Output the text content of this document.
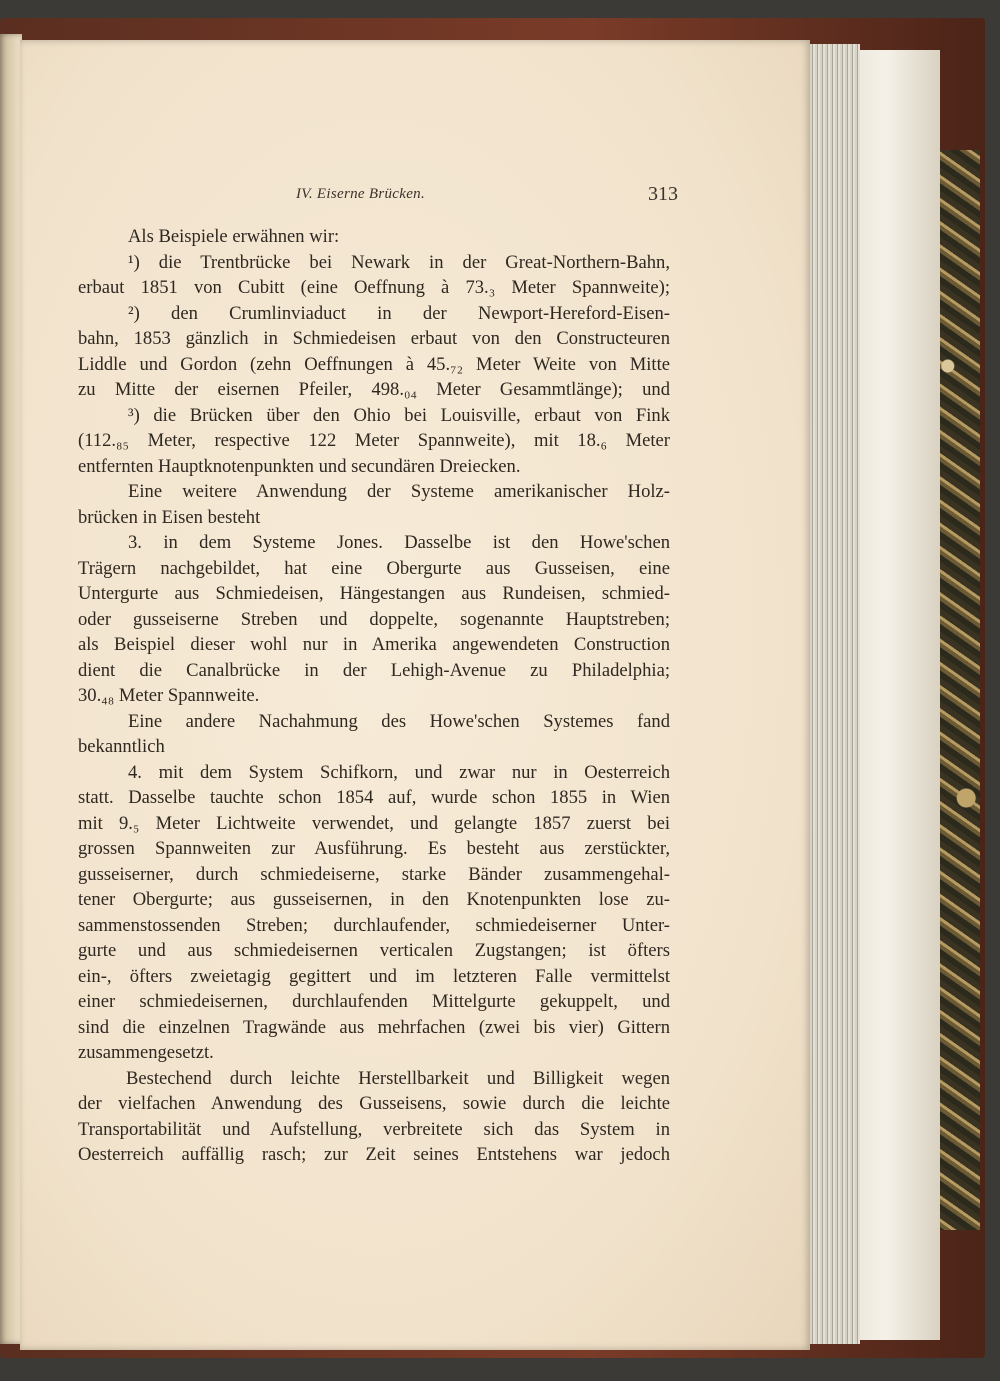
IV. Eiserne Brücken.	313
Als Beispiele erwähnen wir:
¹) die Trentbrücke bei Newark in der Great-Northern-Bahn,
erbaut 1851 von Cubitt (eine Oeffnung à 73.₃ Meter Spannweite);
²) den Crumlinviaduct in der Newport-Hereford-Eisen-
bahn, 1853 gänzlich in Schmiedeisen erbaut von den Constructeuren
Liddle und Gordon (zehn Oeffnungen à 45.₇₂ Meter Weite von Mitte
zu Mitte der eisernen Pfeiler, 498.₀₄ Meter Gesammtlänge); und
³) die Brücken über den Ohio bei Louisville, erbaut von Fink
(112.₈₅ Meter, respective 122 Meter Spannweite), mit 18.₆ Meter
entfernten Hauptknotenpunkten und secundären Dreiecken.
Eine weitere Anwendung der Systeme amerikanischer Holz-
brücken in Eisen besteht
3. in dem Systeme Jones. Dasselbe ist den Howe'schen
Trägern nachgebildet, hat eine Obergurte aus Gusseisen, eine
Untergurte aus Schmiedeisen, Hängestangen aus Rundeisen, schmied-
oder gusseiserne Streben und doppelte, sogenannte Hauptstreben;
als Beispiel dieser wohl nur in Amerika angewendeten Construction
dient die Canalbrücke in der Lehigh-Avenue zu Philadelphia;
30.₄₈ Meter Spannweite.
Eine andere Nachahmung des Howe'schen Systemes fand
bekanntlich
4. mit dem System Schifkorn, und zwar nur in Oesterreich
statt. Dasselbe tauchte schon 1854 auf, wurde schon 1855 in Wien
mit 9.₅ Meter Lichtweite verwendet, und gelangte 1857 zuerst bei
grossen Spannweiten zur Ausführung. Es besteht aus zerstückter,
gusseiserner, durch schmiedeiserne, starke Bänder zusammengehal-
tener Obergurte; aus gusseisernen, in den Knotenpunkten lose zu-
sammenstossenden Streben; durchlaufender, schmiedeiserner Unter-
gurte und aus schmiedeisernen verticalen Zugstangen; ist öfters
ein-, öfters zweietagig gegittert und im letzteren Falle vermittelst
einer schmiedeisernen, durchlaufenden Mittelgurte gekuppelt, und
sind die einzelnen Tragwände aus mehrfachen (zwei bis vier) Gittern
zusammengesetzt.
Bestechend durch leichte Herstellbarkeit und Billigkeit wegen
der vielfachen Anwendung des Gusseisens, sowie durch die leichte
Transportabilität und Aufstellung, verbreitete sich das System in
Oesterreich auffällig rasch; zur Zeit seines Entstehens war jedoch
